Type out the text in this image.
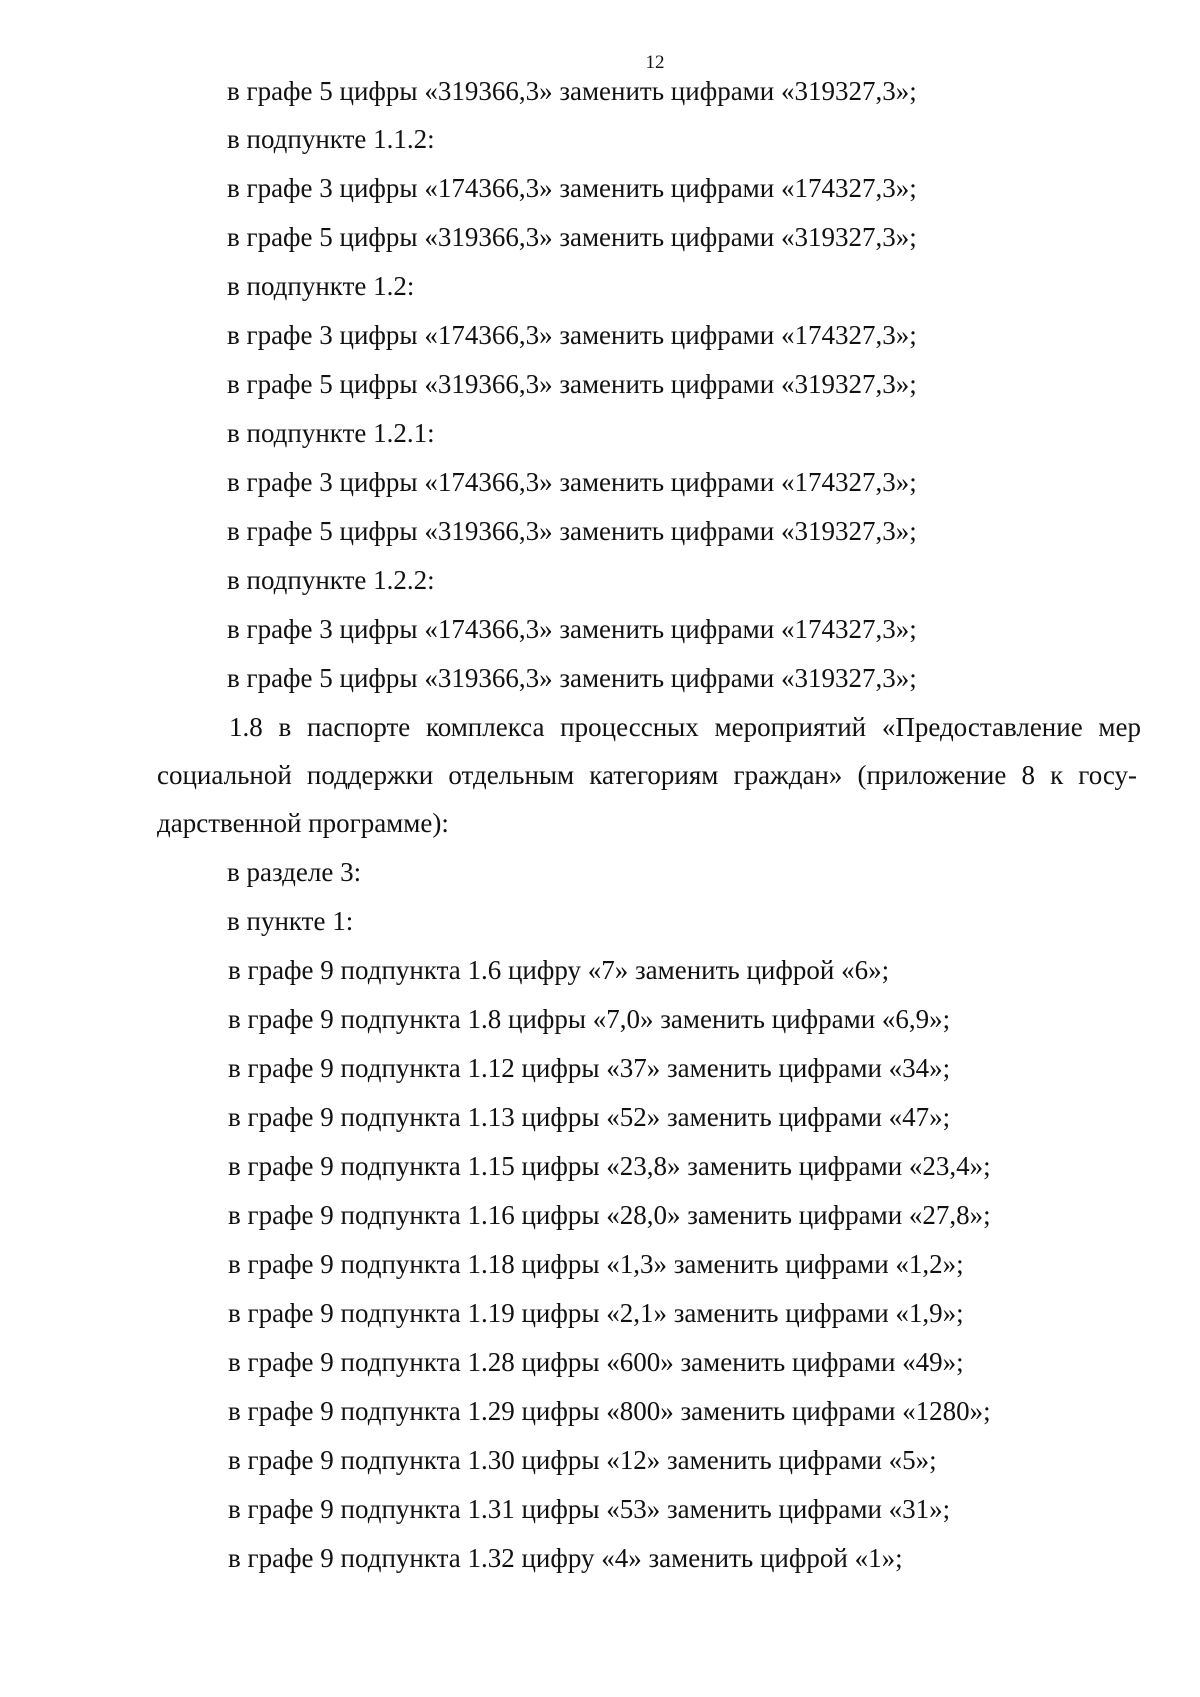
12
в графе 5 цифры «319366,3» заменить цифрами «319327,3»;
в подпункте 1.1.2:
в графе 3 цифры «174366,3» заменить цифрами «174327,3»;
в графе 5 цифры «319366,3» заменить цифрами «319327,3»;
в подпункте 1.2:
в графе 3 цифры «174366,3» заменить цифрами «174327,3»;
в графе 5 цифры «319366,3» заменить цифрами «319327,3»;
в подпункте 1.2.1:
в графе 3 цифры «174366,3» заменить цифрами «174327,3»;
в графе 5 цифры «319366,3» заменить цифрами «319327,3»;
в подпункте 1.2.2:
в графе 3 цифры «174366,3» заменить цифрами «174327,3»;
в графе 5 цифры «319366,3» заменить цифрами «319327,3»;
1.8 в паспорте комплекса процессных мероприятий «Предоставление мер
социальной поддержки отдельным категориям граждан» (приложение 8 к госу-
дарственной программе):
в разделе 3:
в пункте 1:
в графе 9 подпункта 1.6 цифру «7» заменить цифрой «6»;
в графе 9 подпункта 1.8 цифры «7,0» заменить цифрами «6,9»;
в графе 9 подпункта 1.12 цифры «37» заменить цифрами «34»;
в графе 9 подпункта 1.13 цифры «52» заменить цифрами «47»;
в графе 9 подпункта 1.15 цифры «23,8» заменить цифрами «23,4»;
в графе 9 подпункта 1.16 цифры «28,0» заменить цифрами «27,8»;
в графе 9 подпункта 1.18 цифры «1,3» заменить цифрами «1,2»;
в графе 9 подпункта 1.19 цифры «2,1» заменить цифрами «1,9»;
в графе 9 подпункта 1.28 цифры «600» заменить цифрами «49»;
в графе 9 подпункта 1.29 цифры «800» заменить цифрами «1280»;
в графе 9 подпункта 1.30 цифры «12» заменить цифрами «5»;
в графе 9 подпункта 1.31 цифры «53» заменить цифрами «31»;
в графе 9 подпункта 1.32 цифру «4» заменить цифрой «1»;
